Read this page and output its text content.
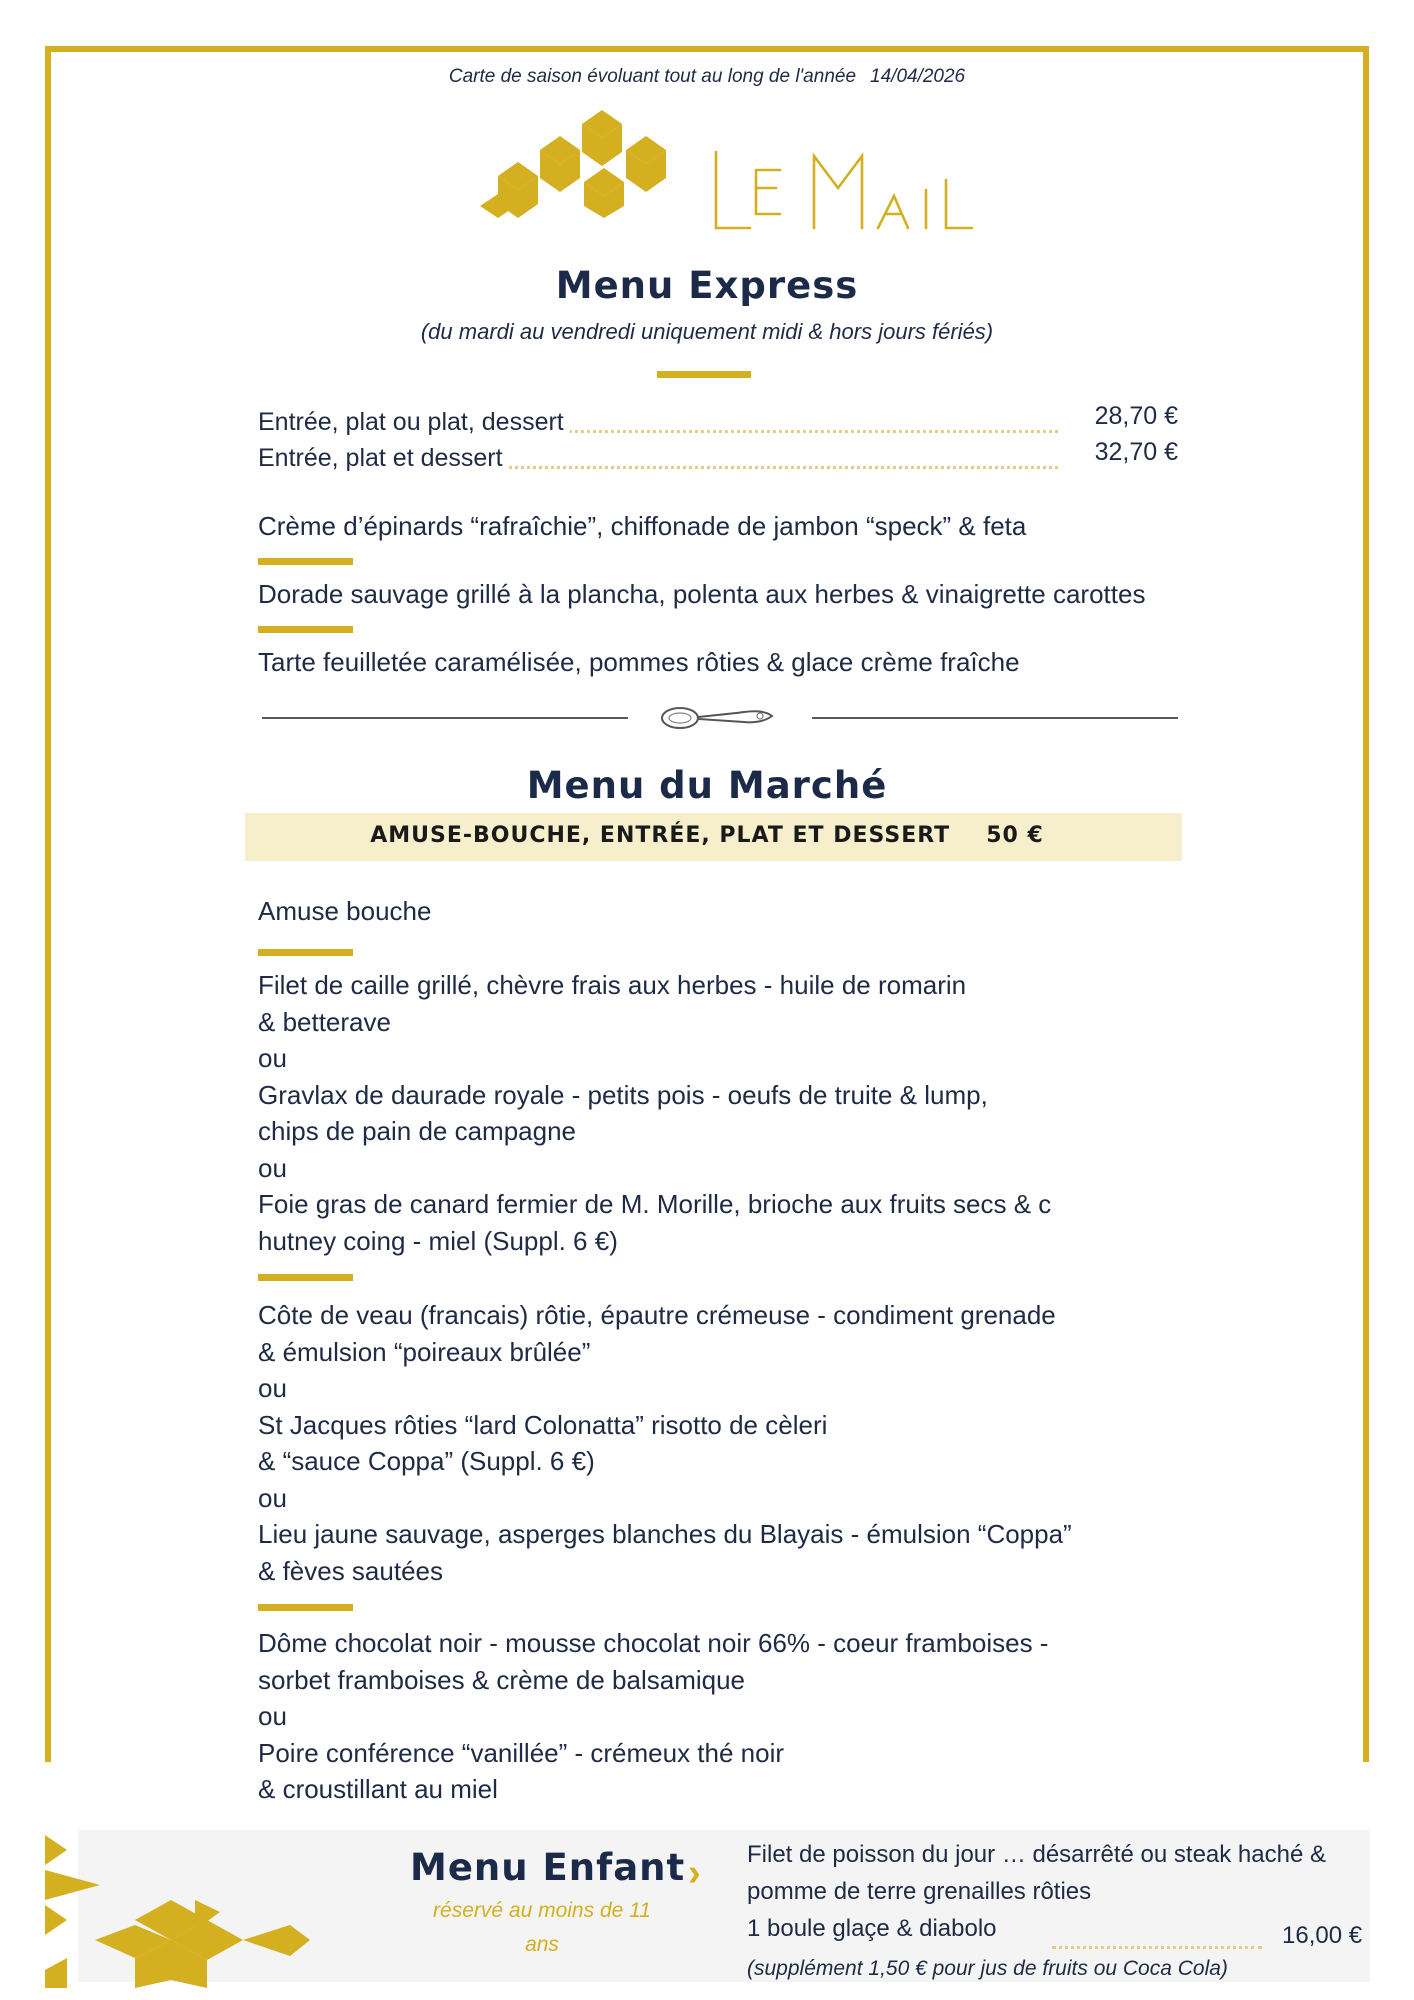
Carte de saison évoluant tout au long de l'année 14/04/2026
Menu Express
(du mardi au vendredi uniquement midi & hors jours fériés)
Entrée, plat ou plat, dessert	28,70 €
Entrée, plat et dessert	32,70 €
Crème d’épinards “rafraîchie”, chiffonade de jambon “speck” & feta
Dorade sauvage grillé à la plancha, polenta aux herbes & vinaigrette carottes
Tarte feuilletée caramélisée, pommes rôties & glace crème fraîche
Menu du Marché
AMUSE-BOUCHE, ENTRÉE, PLAT ET DESSERT 50 €
Amuse bouche
Filet de caille grillé, chèvre frais aux herbes - huile de romarin
& betterave
ou
Gravlax de daurade royale - petits pois - oeufs de truite & lump,
chips de pain de campagne
ou
Foie gras de canard fermier de M. Morille, brioche aux fruits secs & c
hutney coing - miel (Suppl. 6 €)
Côte de veau (francais) rôtie, épautre crémeuse - condiment grenade
& émulsion “poireaux brûlée”
ou
St Jacques rôties “lard Colonatta” risotto de cèleri
& “sauce Coppa” (Suppl. 6 €)
ou
Lieu jaune sauvage, asperges blanches du Blayais - émulsion “Coppa”
& fèves sautées
Dôme chocolat noir - mousse chocolat noir 66% - coeur framboises -
sorbet framboises & crème de balsamique
ou
Poire conférence “vanillée” - crémeux thé noir
& croustillant au miel
Menu Enfant ›
réservé au moins de 11 ans
Filet de poisson du jour … désarrêté ou steak haché &
pomme de terre grenailles rôties
1 boule glaçe & diabolo	16,00 €
(supplément 1,50 € pour jus de fruits ou Coca Cola)
